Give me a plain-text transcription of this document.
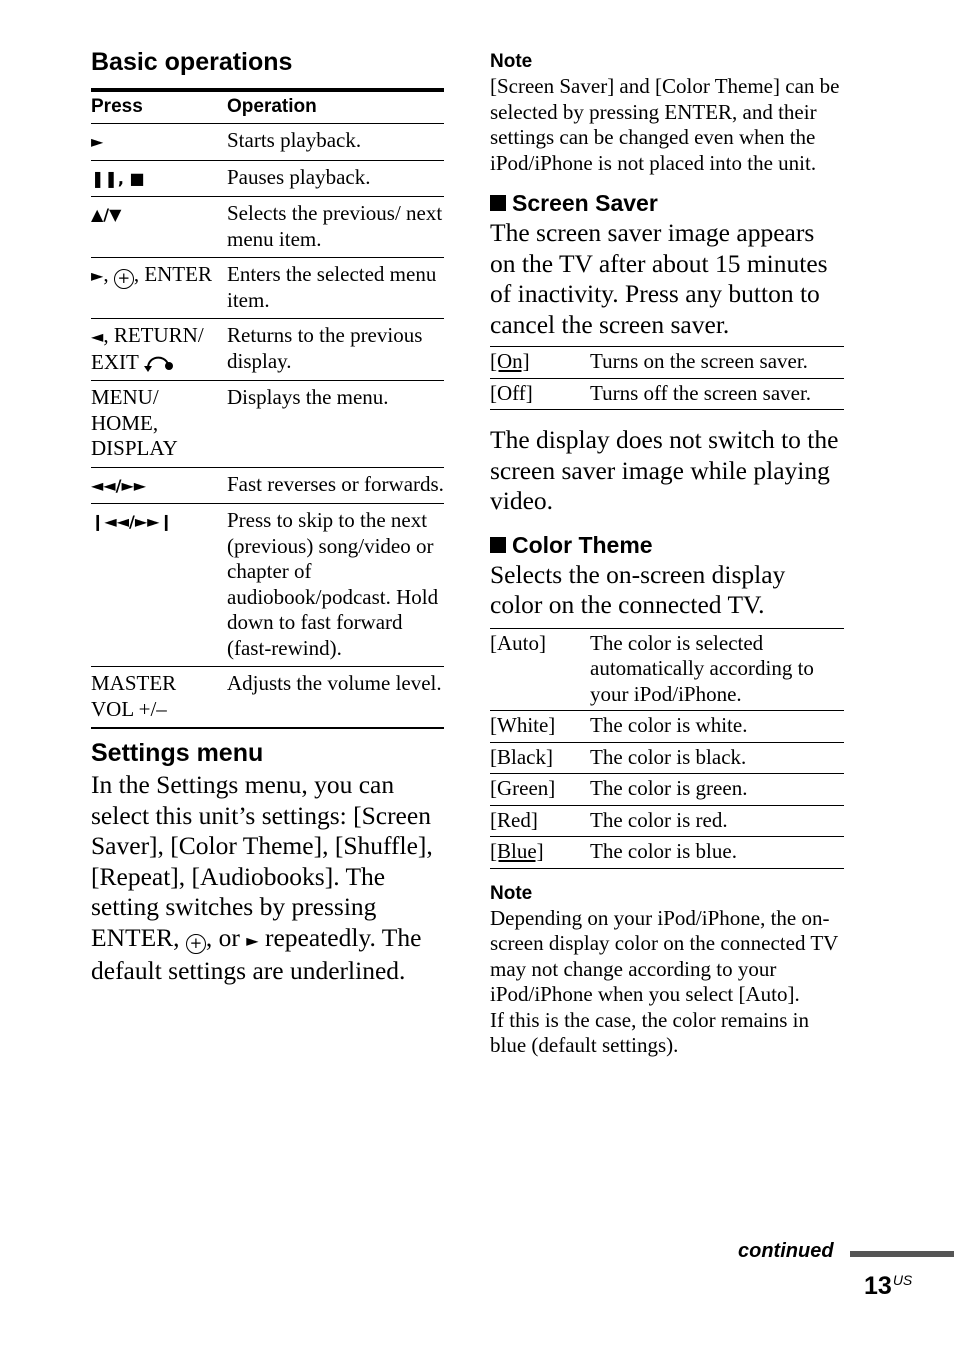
Basic operations
Press	Operation
►	Starts playback.
❚❚, ■	Pauses playback.
▲/▼	Selects the previous/ next menu item.
►, + , ENTER	Enters the selected menu item.
◄, RETURN/ EXIT	Returns to the previous display.
MENU/ HOME, DISPLAY	Displays the menu.
◄◄/►►	Fast reverses or forwards.
❙◄◄/►►❙	Press to skip to the next (previous) song/video or chapter of audiobook/podcast. Hold down to fast forward (fast-rewind).
MASTER VOL +/–	Adjusts the volume level.
Settings menu
In the Settings menu, you can select this unit’s settings: [Screen Saver], [Color Theme], [Shuffle], [Repeat], [Audiobooks]. The setting switches by pressing ENTER, + , or ► repeatedly. The default settings are underlined.
Note
[Screen Saver] and [Color Theme] can be selected by pressing ENTER, and their settings can be changed even when the iPod/iPhone is not placed into the unit.
Screen Saver
The screen saver image appears on the TV after about 15 minutes of inactivity. Press any button to cancel the screen saver.
[On]	Turns on the screen saver.
[Off]	Turns off the screen saver.
The display does not switch to the screen saver image while playing video.
Color Theme
Selects the on-screen display color on the connected TV.
[Auto]	The color is selected automatically according to your iPod/iPhone.
[White]	The color is white.
[Black]	The color is black.
[Green]	The color is green.
[Red]	The color is red.
[Blue]	The color is blue.
Note
Depending on your iPod/iPhone, the on-screen display color on the connected TV may not change according to your iPod/iPhone when you select [Auto].
If this is the case, the color remains in blue (default settings).
continued
$13^{US}$
